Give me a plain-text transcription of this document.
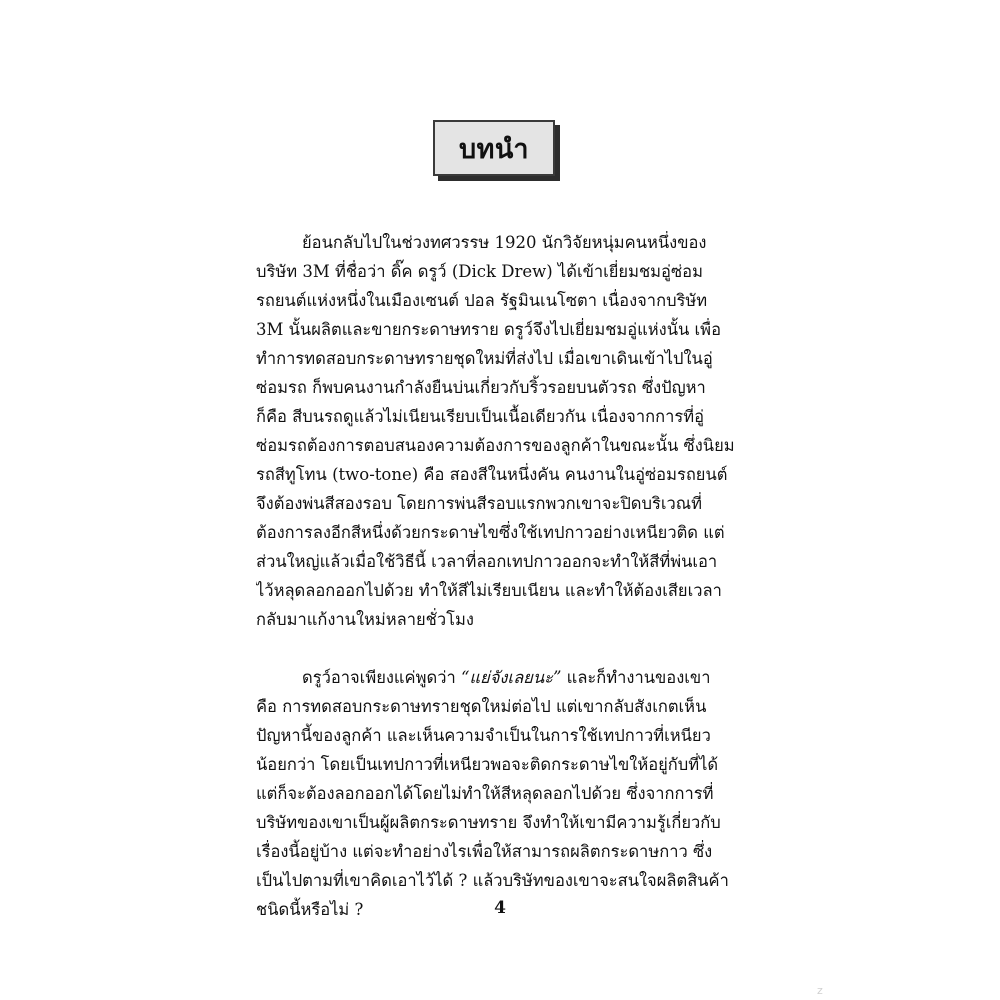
บทนำ

ย้อนกลับไปในช่วงทศวรรษ 1920 นักวิจัยหนุ่มคนหนึ่งของ

บริษัท 3M ที่ชื่อว่า ดิ๊ค ดรูว์ (Dick Drew) ได้เข้าเยี่ยมชมอู่ซ่อม

รถยนต์แห่งหนึ่งในเมืองเซนต์ ปอล รัฐมินเนโซตา เนื่องจากบริษัท

3M นั้นผลิตและขายกระดาษทราย ดรูว์จึงไปเยี่ยมชมอู่แห่งนั้น เพื่อ

ทำการทดสอบกระดาษทรายชุดใหม่ที่ส่งไป เมื่อเขาเดินเข้าไปในอู่

ซ่อมรถ ก็พบคนงานกำลังยืนบ่นเกี่ยวกับริ้วรอยบนตัวรถ ซึ่งปัญหา

ก็คือ สีบนรถดูแล้วไม่เนียนเรียบเป็นเนื้อเดียวกัน เนื่องจากการที่อู่

ซ่อมรถต้องการตอบสนองความต้องการของลูกค้าในขณะนั้น ซึ่งนิยม

รถสีทูโทน (two-tone) คือ สองสีในหนึ่งคัน คนงานในอู่ซ่อมรถยนต์

จึงต้องพ่นสีสองรอบ โดยการพ่นสีรอบแรกพวกเขาจะปิดบริเวณที่

ต้องการลงอีกสีหนึ่งด้วยกระดาษไขซึ่งใช้เทปกาวอย่างเหนียวติด แต่

ส่วนใหญ่แล้วเมื่อใช้วิธีนี้ เวลาที่ลอกเทปกาวออกจะทำให้สีที่พ่นเอา

ไว้หลุดลอกออกไปด้วย ทำให้สีไม่เรียบเนียน และทำให้ต้องเสียเวลา

กลับมาแก้งานใหม่หลายชั่วโมง

ดรูว์อาจเพียงแค่พูดว่า “แย่จังเลยนะ” และก็ทำงานของเขา

คือ การทดสอบกระดาษทรายชุดใหม่ต่อไป แต่เขากลับสังเกตเห็น

ปัญหานี้ของลูกค้า และเห็นความจำเป็นในการใช้เทปกาวที่เหนียว

น้อยกว่า โดยเป็นเทปกาวที่เหนียวพอจะติดกระดาษไขให้อยู่กับที่ได้

แต่ก็จะต้องลอกออกได้โดยไม่ทำให้สีหลุดลอกไปด้วย ซึ่งจากการที่

บริษัทของเขาเป็นผู้ผลิตกระดาษทราย จึงทำให้เขามีความรู้เกี่ยวกับ

เรื่องนี้อยู่บ้าง แต่จะทำอย่างไรเพื่อให้สามารถผลิตกระดาษกาว ซึ่ง

เป็นไปตามที่เขาคิดเอาไว้ได้ ? แล้วบริษัทของเขาจะสนใจผลิตสินค้า

ชนิดนี้หรือไม่ ?	4
z
